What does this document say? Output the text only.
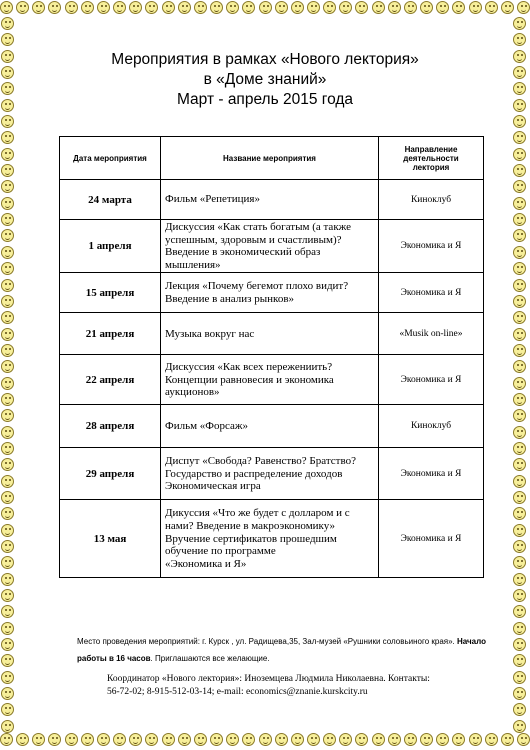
Мероприятия в рамках «Нового лектория»
в «Доме знаний»
Март - апрель 2015 года
Дата мероприятия	Название мероприятия	Направление
деятельности
лектория

24 марта	Фильм «Репетиция»	Киноклуб
1 апреля	Дискуссия «Как стать богатым (а также
успешным, здоровым и счастливым)?
Введение в экономический образ
мышления»	Экономика и Я
15 апреля	Лекция «Почему бегемот плохо видит?
Введение в анализ рынков»	Экономика и Я
21 апреля	Музыка вокруг нас	«Musik on-line»
22 апреля	Дискуссия «Как всех пережениить?
Концепции равновесия и экономика
аукционов»	Экономика и Я
28 апреля	Фильм «Форсаж»	Киноклуб
29 апреля	Диспут «Свобода? Равенство? Братство?
Государство и распределение доходов
Экономическая игра	Экономика и Я
13 мая	Дикуссия «Что же будет с долларом и с
нами? Введение в макроэкономику»
Вручение сертификатов прошедшим
обучение по программе
«Экономика и Я»	Экономика и Я
Место проведения мероприятий: г. Курск , ул. Радищева,35, Зал-музей «Рушники соловьиного края». Начало работы в 16 часов. Приглашаются все желающие.
Координатор «Нового лектория»: Иноземцева Людмила Николаевна. Контакты:
56-72-02; 8-915-512-03-14; e-mail: economics@znanie.kurskcity.ru
